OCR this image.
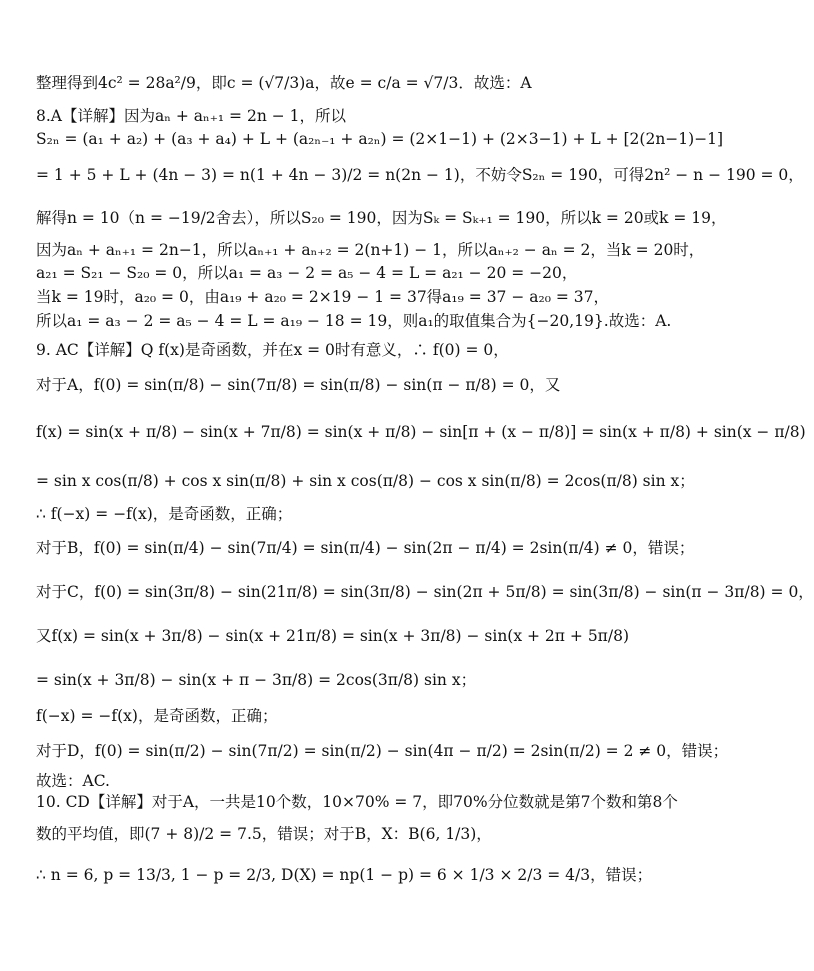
整理得到4c² = 28a²/9，即c = (√7/3)a，故e = c/a = √7/3．故选：A
8.A【详解】因为aₙ + aₙ₊₁ = 2n − 1，所以
S₂ₙ = (a₁ + a₂) + (a₃ + a₄) + L + (a₂ₙ₋₁ + a₂ₙ) = (2×1−1) + (2×3−1) + L + [2(2n−1)−1]
= 1 + 5 + L + (4n − 3) = n(1 + 4n − 3)/2 = n(2n − 1)，不妨令S₂ₙ = 190，可得2n² − n − 190 = 0，
解得n = 10（n = −19/2舍去），所以S₂₀ = 190，因为Sₖ = Sₖ₊₁ = 190，所以k = 20或k = 19，
因为aₙ + aₙ₊₁ = 2n−1，所以aₙ₊₁ + aₙ₊₂ = 2(n+1) − 1，所以aₙ₊₂ − aₙ = 2，当k = 20时，
a₂₁ = S₂₁ − S₂₀ = 0，所以a₁ = a₃ − 2 = a₅ − 4 = L = a₂₁ − 20 = −20，
当k = 19时，a₂₀ = 0，由a₁₉ + a₂₀ = 2×19 − 1 = 37得a₁₉ = 37 − a₂₀ = 37，
所以a₁ = a₃ − 2 = a₅ − 4 = L = a₁₉ − 18 = 19，则a₁的取值集合为{−20,19}.故选：A.
9. AC【详解】Q f(x)是奇函数，并在x = 0时有意义，∴ f(0) = 0，
对于A，f(0) = sin(π/8) − sin(7π/8) = sin(π/8) − sin(π − π/8) = 0，又
f(x) = sin(x + π/8) − sin(x + 7π/8) = sin(x + π/8) − sin[π + (x − π/8)] = sin(x + π/8) + sin(x − π/8)
= sin x cos(π/8) + cos x sin(π/8) + sin x cos(π/8) − cos x sin(π/8) = 2cos(π/8) sin x；
∴ f(−x) = −f(x)，是奇函数，正确；
对于B，f(0) = sin(π/4) − sin(7π/4) = sin(π/4) − sin(2π − π/4) = 2sin(π/4) ≠ 0，错误；
对于C，f(0) = sin(3π/8) − sin(21π/8) = sin(3π/8) − sin(2π + 5π/8) = sin(3π/8) − sin(π − 3π/8) = 0，
又f(x) = sin(x + 3π/8) − sin(x + 21π/8) = sin(x + 3π/8) − sin(x + 2π + 5π/8)
= sin(x + 3π/8) − sin(x + π − 3π/8) = 2cos(3π/8) sin x；
f(−x) = −f(x)，是奇函数，正确；
对于D，f(0) = sin(π/2) − sin(7π/2) = sin(π/2) − sin(4π − π/2) = 2sin(π/2) = 2 ≠ 0，错误；
故选：AC.
10. CD【详解】对于A，一共是10个数，10×70% = 7，即70%分位数就是第7个数和第8个
数的平均值，即(7 + 8)/2 = 7.5，错误；对于B，X：B(6, 1/3)，
∴ n = 6, p = 13/3, 1 − p = 2/3, D(X) = np(1 − p) = 6 × 1/3 × 2/3 = 4/3，错误；
